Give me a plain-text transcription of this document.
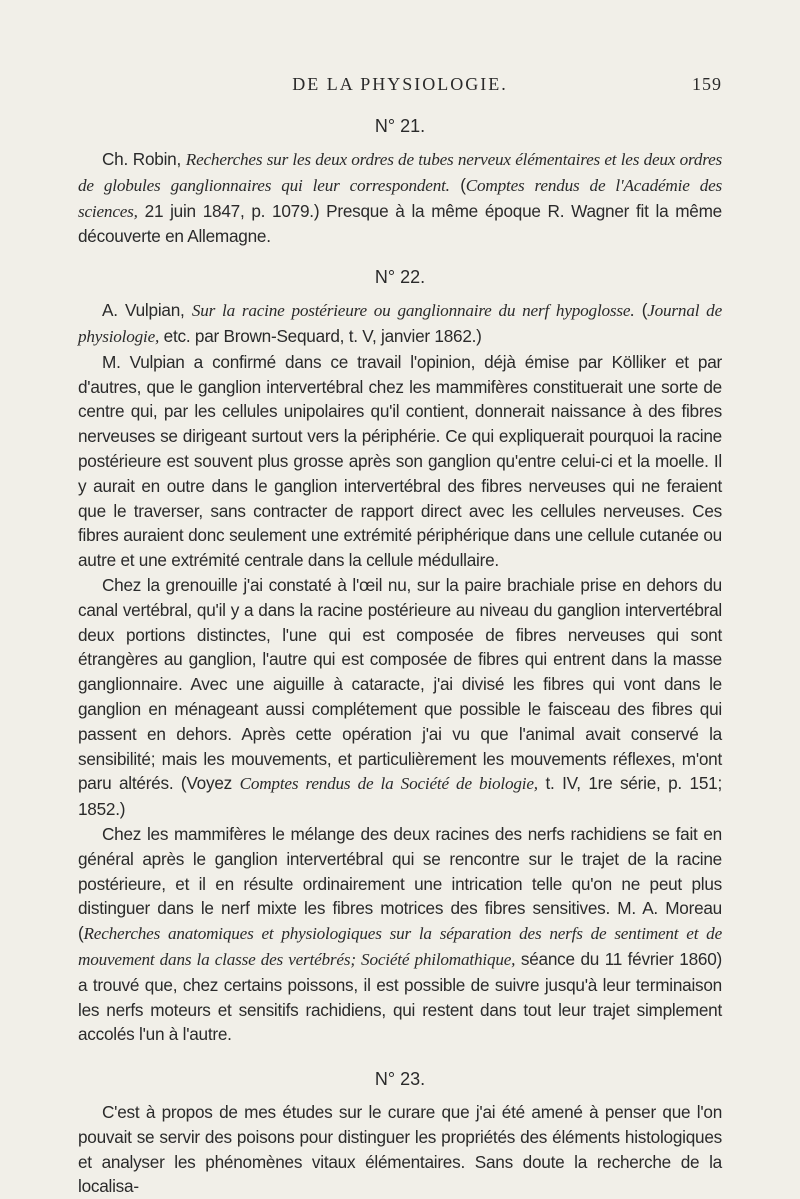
DE LA PHYSIOLOGIE.	159
N° 21.

Ch. Robin, Recherches sur les deux ordres de tubes nerveux élémentaires et les deux ordres de globules ganglionnaires qui leur correspondent. (Comptes rendus de l'Académie des sciences, 21 juin 1847, p. 1079.) Presque à la même époque R. Wagner fit la même découverte en Allemagne.

N° 22.

A. Vulpian, Sur la racine postérieure ou ganglionnaire du nerf hypoglosse. (Journal de physiologie, etc. par Brown-Sequard, t. V, janvier 1862.)

M. Vulpian a confirmé dans ce travail l'opinion, déjà émise par Kölliker et par d'autres, que le ganglion intervertébral chez les mammifères constituerait une sorte de centre qui, par les cellules unipolaires qu'il contient, donnerait naissance à des fibres nerveuses se dirigeant surtout vers la périphérie. Ce qui expliquerait pourquoi la racine postérieure est souvent plus grosse après son ganglion qu'entre celui-ci et la moelle. Il y aurait en outre dans le ganglion intervertébral des fibres nerveuses qui ne feraient que le traverser, sans contracter de rapport direct avec les cellules nerveuses. Ces fibres auraient donc seulement une extrémité périphérique dans une cellule cutanée ou autre et une extrémité centrale dans la cellule médullaire.

Chez la grenouille j'ai constaté à l'œil nu, sur la paire brachiale prise en dehors du canal vertébral, qu'il y a dans la racine postérieure au niveau du ganglion intervertébral deux portions distinctes, l'une qui est composée de fibres nerveuses qui sont étrangères au ganglion, l'autre qui est composée de fibres qui entrent dans la masse ganglionnaire. Avec une aiguille à cataracte, j'ai divisé les fibres qui vont dans le ganglion en ménageant aussi complétement que possible le faisceau des fibres qui passent en dehors. Après cette opération j'ai vu que l'animal avait conservé la sensibilité; mais les mouvements, et particulièrement les mouvements réflexes, m'ont paru altérés. (Voyez Comptes rendus de la Société de biologie, t. IV, 1re série, p. 151; 1852.)

Chez les mammifères le mélange des deux racines des nerfs rachidiens se fait en général après le ganglion intervertébral qui se rencontre sur le trajet de la racine postérieure, et il en résulte ordinairement une intrication telle qu'on ne peut plus distinguer dans le nerf mixte les fibres motrices des fibres sensitives. M. A. Moreau (Recherches anatomiques et physiologiques sur la séparation des nerfs de sentiment et de mouvement dans la classe des vertébrés; Société philomathique, séance du 11 février 1860) a trouvé que, chez certains poissons, il est possible de suivre jusqu'à leur terminaison les nerfs moteurs et sensitifs rachidiens, qui restent dans tout leur trajet simplement accolés l'un à l'autre.

N° 23.

C'est à propos de mes études sur le curare que j'ai été amené à penser que l'on pouvait se servir des poisons pour distinguer les propriétés des éléments histologiques et analyser les phénomènes vitaux élémentaires. Sans doute la recherche de la localisa-
